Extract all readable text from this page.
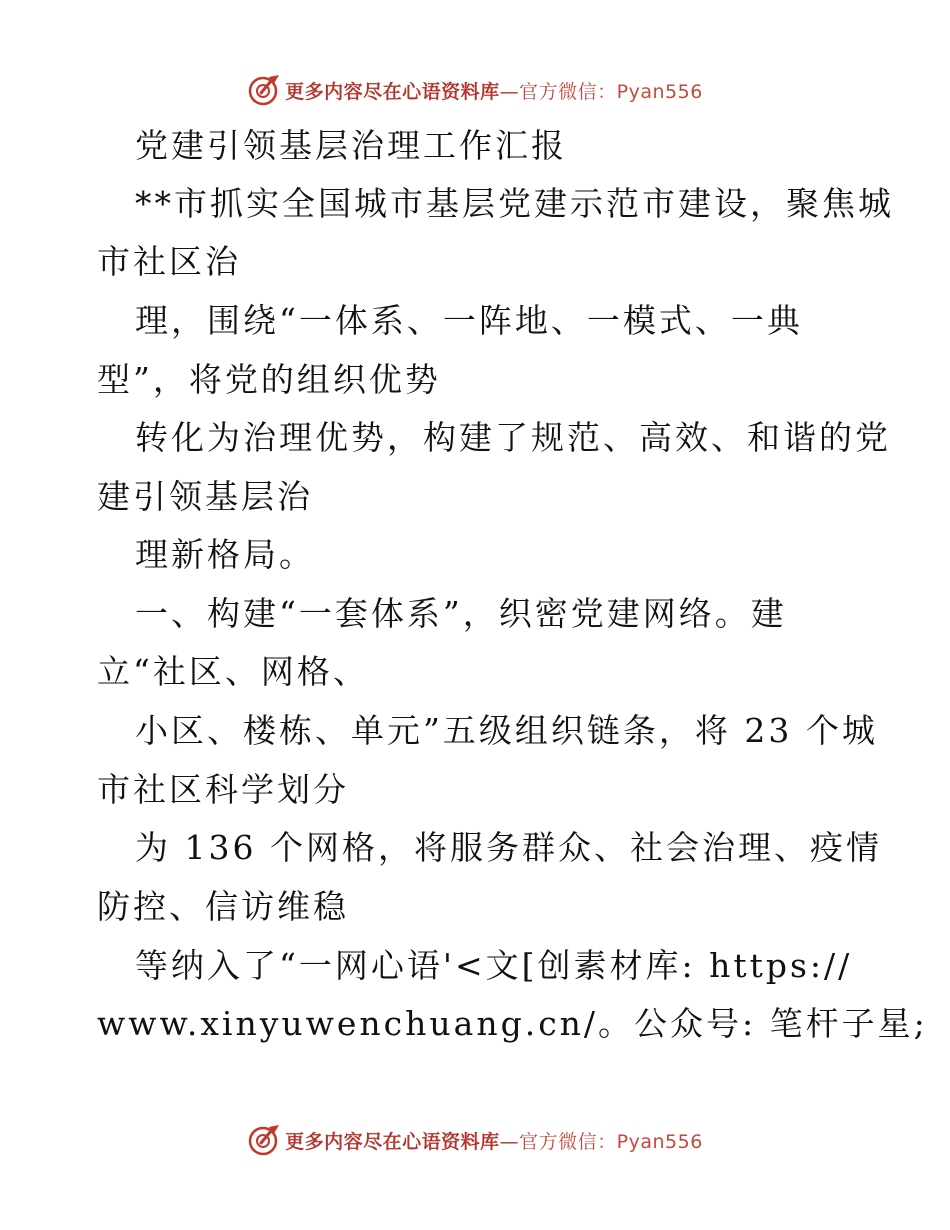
更多内容尽在心语资料库—官方微信：Pyan556
党建引领基层治理工作汇报
**市抓实全国城市基层党建示范市建设，聚焦城
市社区治
理，围绕“一体系、一阵地、一模式、一典
型”，将党的组织优势
转化为治理优势，构建了规范、高效、和谐的党
建引领基层治
理新格局。
一、构建“一套体系”，织密党建网络。建
立“社区、网格、
小区、楼栋、单元”五级组织链条，将 23 个城
市社区科学划分
为 136 个网格，将服务群众、社会治理、疫情
防控、信访维稳
等纳入了“一网心语'<文[创素材库: https://
www.xinyuwenchuang.cn/。公众号: 笔杆子星;
更多内容尽在心语资料库—官方微信：Pyan556
